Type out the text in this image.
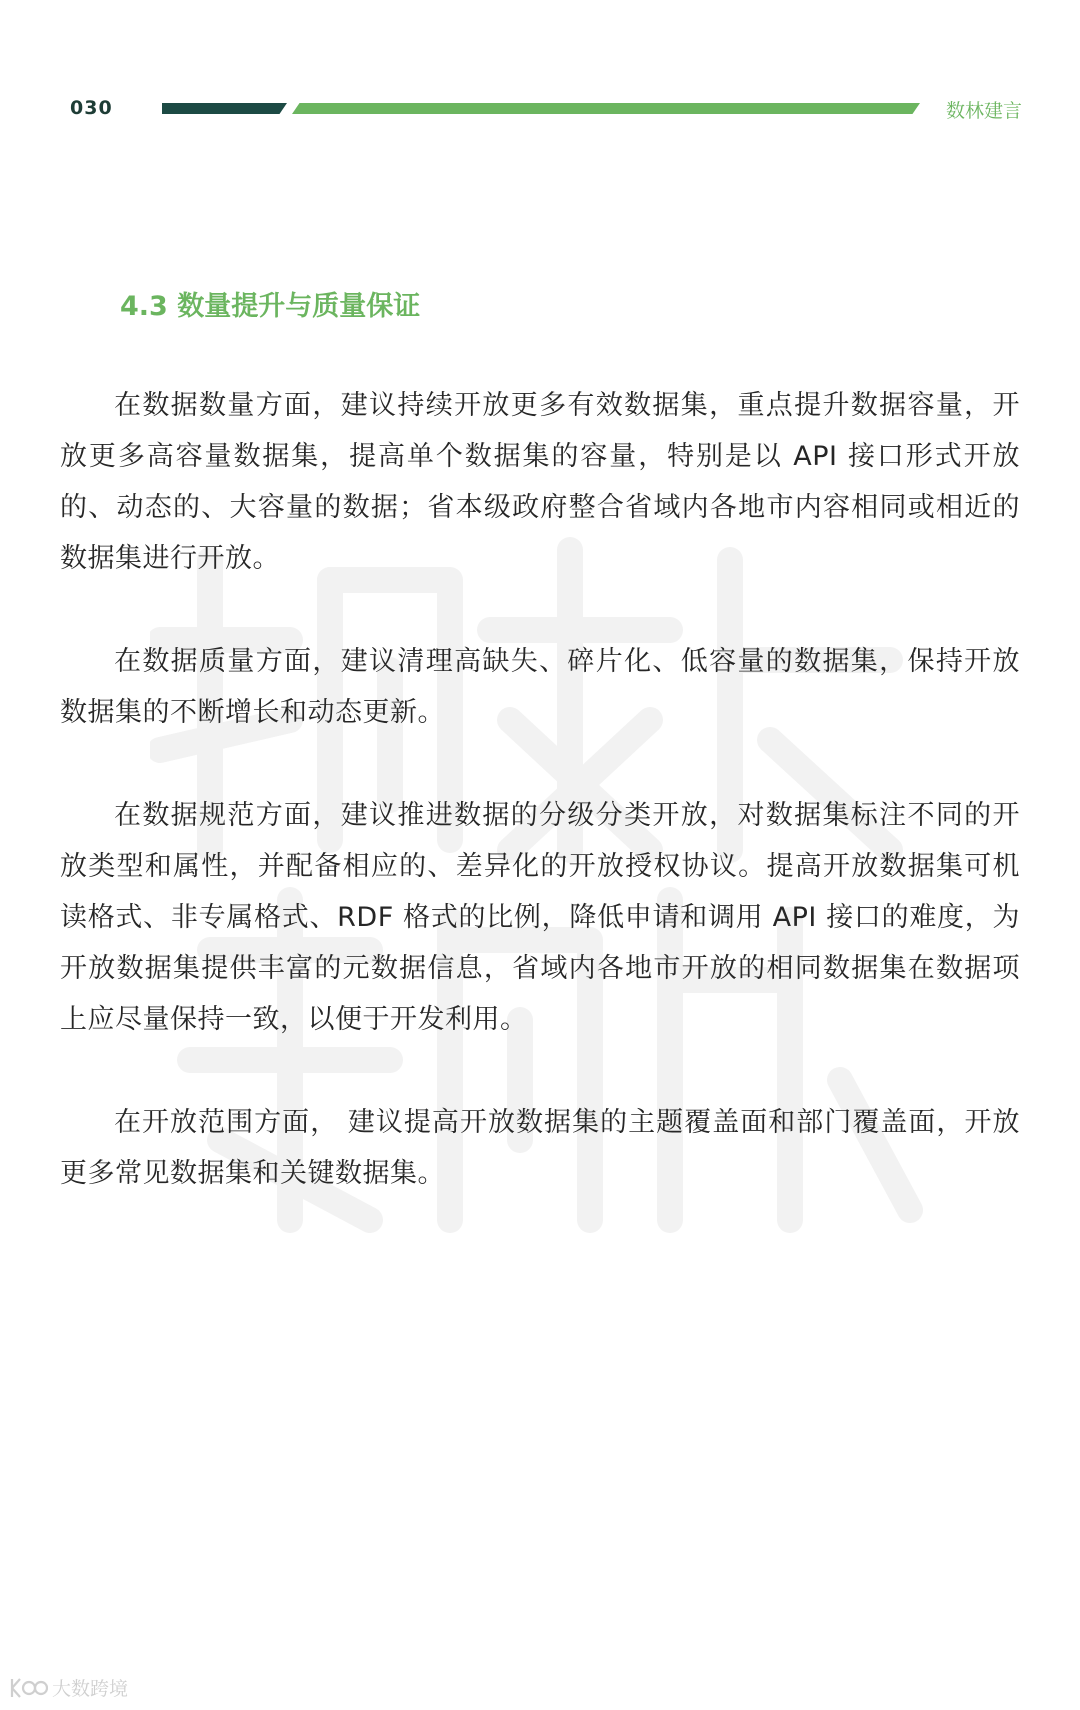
030	数林建言
4.3 数量提升与质量保证

在数据数量方面，建议持续开放更多有效数据集，重点提升数据容量，开放更多高容量数据集，提高单个数据集的容量，特别是以 API 接口形式开放的、动态的、大容量的数据；省本级政府整合省域内各地市内容相同或相近的数据集进行开放。

在数据质量方面，建议清理高缺失、碎片化、低容量的数据集，保持开放数据集的不断增长和动态更新。

在数据规范方面，建议推进数据的分级分类开放，对数据集标注不同的开放类型和属性，并配备相应的、差异化的开放授权协议。提高开放数据集可机读格式、非专属格式、RDF 格式的比例，降低申请和调用 API 接口的难度，为开放数据集提供丰富的元数据信息，省域内各地市开放的相同数据集在数据项上应尽量保持一致，以便于开发利用。

在开放范围方面， 建议提高开放数据集的主题覆盖面和部门覆盖面，开放更多常见数据集和关键数据集。

大数跨境
